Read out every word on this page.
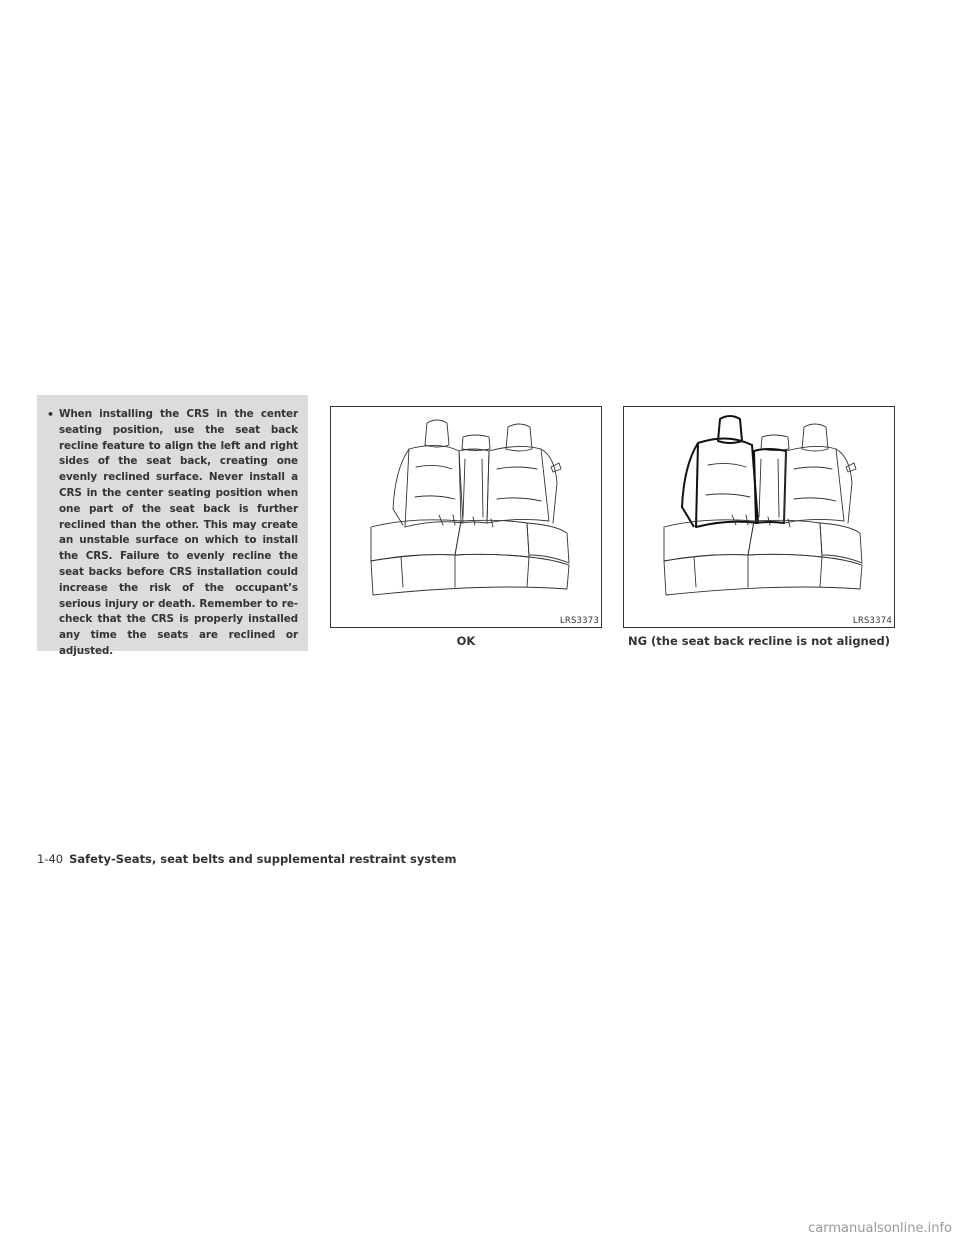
• When installing the CRS in the center seating position, use the seat back recline feature to align the left and right sides of the seat back, creating one evenly reclined surface. Never install a CRS in the center seating position when one part of the seat back is further reclined than the other. This may create an unstable surface on which to install the CRS. Failure to evenly recline the seat backs before CRS installation could increase the risk of the occupant’s serious injury or death. Remember to re-check that the CRS is properly installed any time the seats are reclined or adjusted.
LRS3373
OK
LRS3374
NG (the seat back recline is not aligned)
1-40 Safety-Seats, seat belts and supplemental restraint system
carmanualsonline.info
